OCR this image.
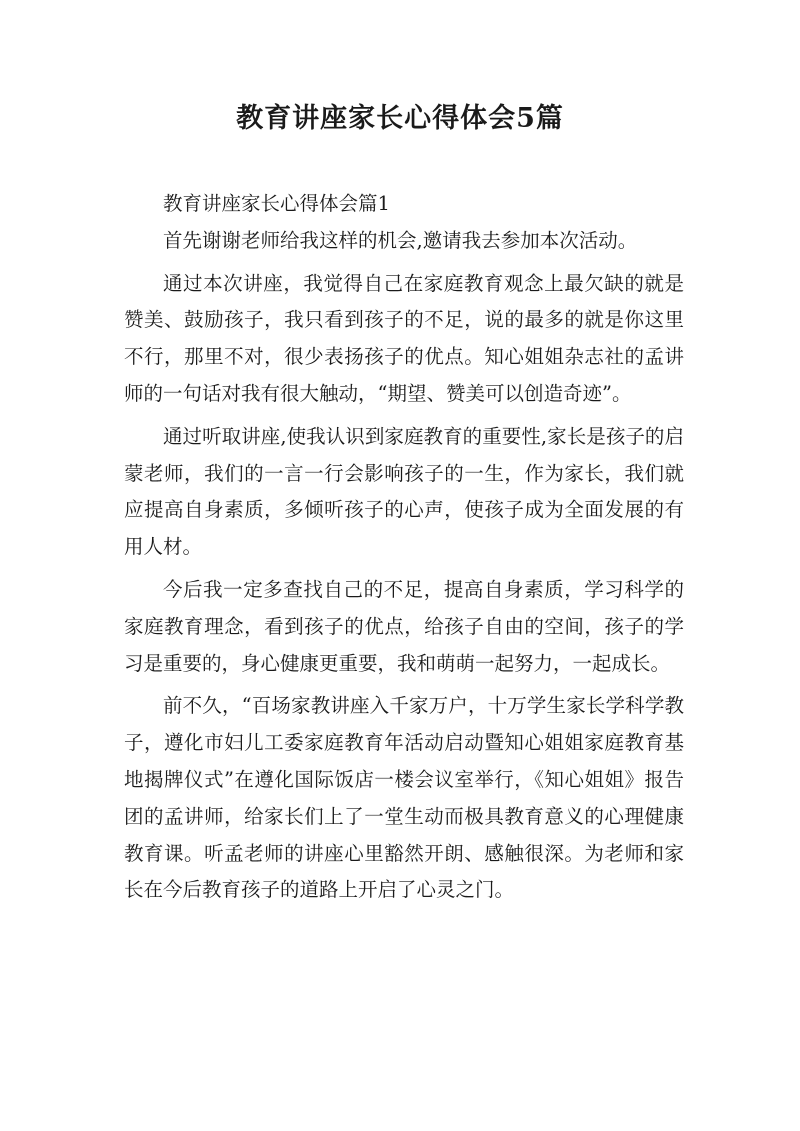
教育讲座家长心得体会5篇
教育讲座家长心得体会篇1

首先谢谢老师给我这样的机会,邀请我去参加本次活动。

通过本次讲座，我觉得自己在家庭教育观念上最欠缺的就是赞美、鼓励孩子，我只看到孩子的不足，说的最多的就是你这里不行，那里不对，很少表扬孩子的优点。知心姐姐杂志社的孟讲师的一句话对我有很大触动，“期望、赞美可以创造奇迹”。

通过听取讲座,使我认识到家庭教育的重要性,家长是孩子的启蒙老师，我们的一言一行会影响孩子的一生，作为家长，我们就应提高自身素质，多倾听孩子的心声，使孩子成为全面发展的有用人材。

今后我一定多查找自己的不足，提高自身素质，学习科学的家庭教育理念，看到孩子的优点，给孩子自由的空间，孩子的学习是重要的，身心健康更重要，我和萌萌一起努力，一起成长。

前不久，“百场家教讲座入千家万户，十万学生家长学科学教子，遵化市妇儿工委家庭教育年活动启动暨知心姐姐家庭教育基地揭牌仪式”在遵化国际饭店一楼会议室举行，《知心姐姐》报告团的孟讲师，给家长们上了一堂生动而极具教育意义的心理健康教育课。听孟老师的讲座心里豁然开朗、感触很深。为老师和家长在今后教育孩子的道路上开启了心灵之门。
